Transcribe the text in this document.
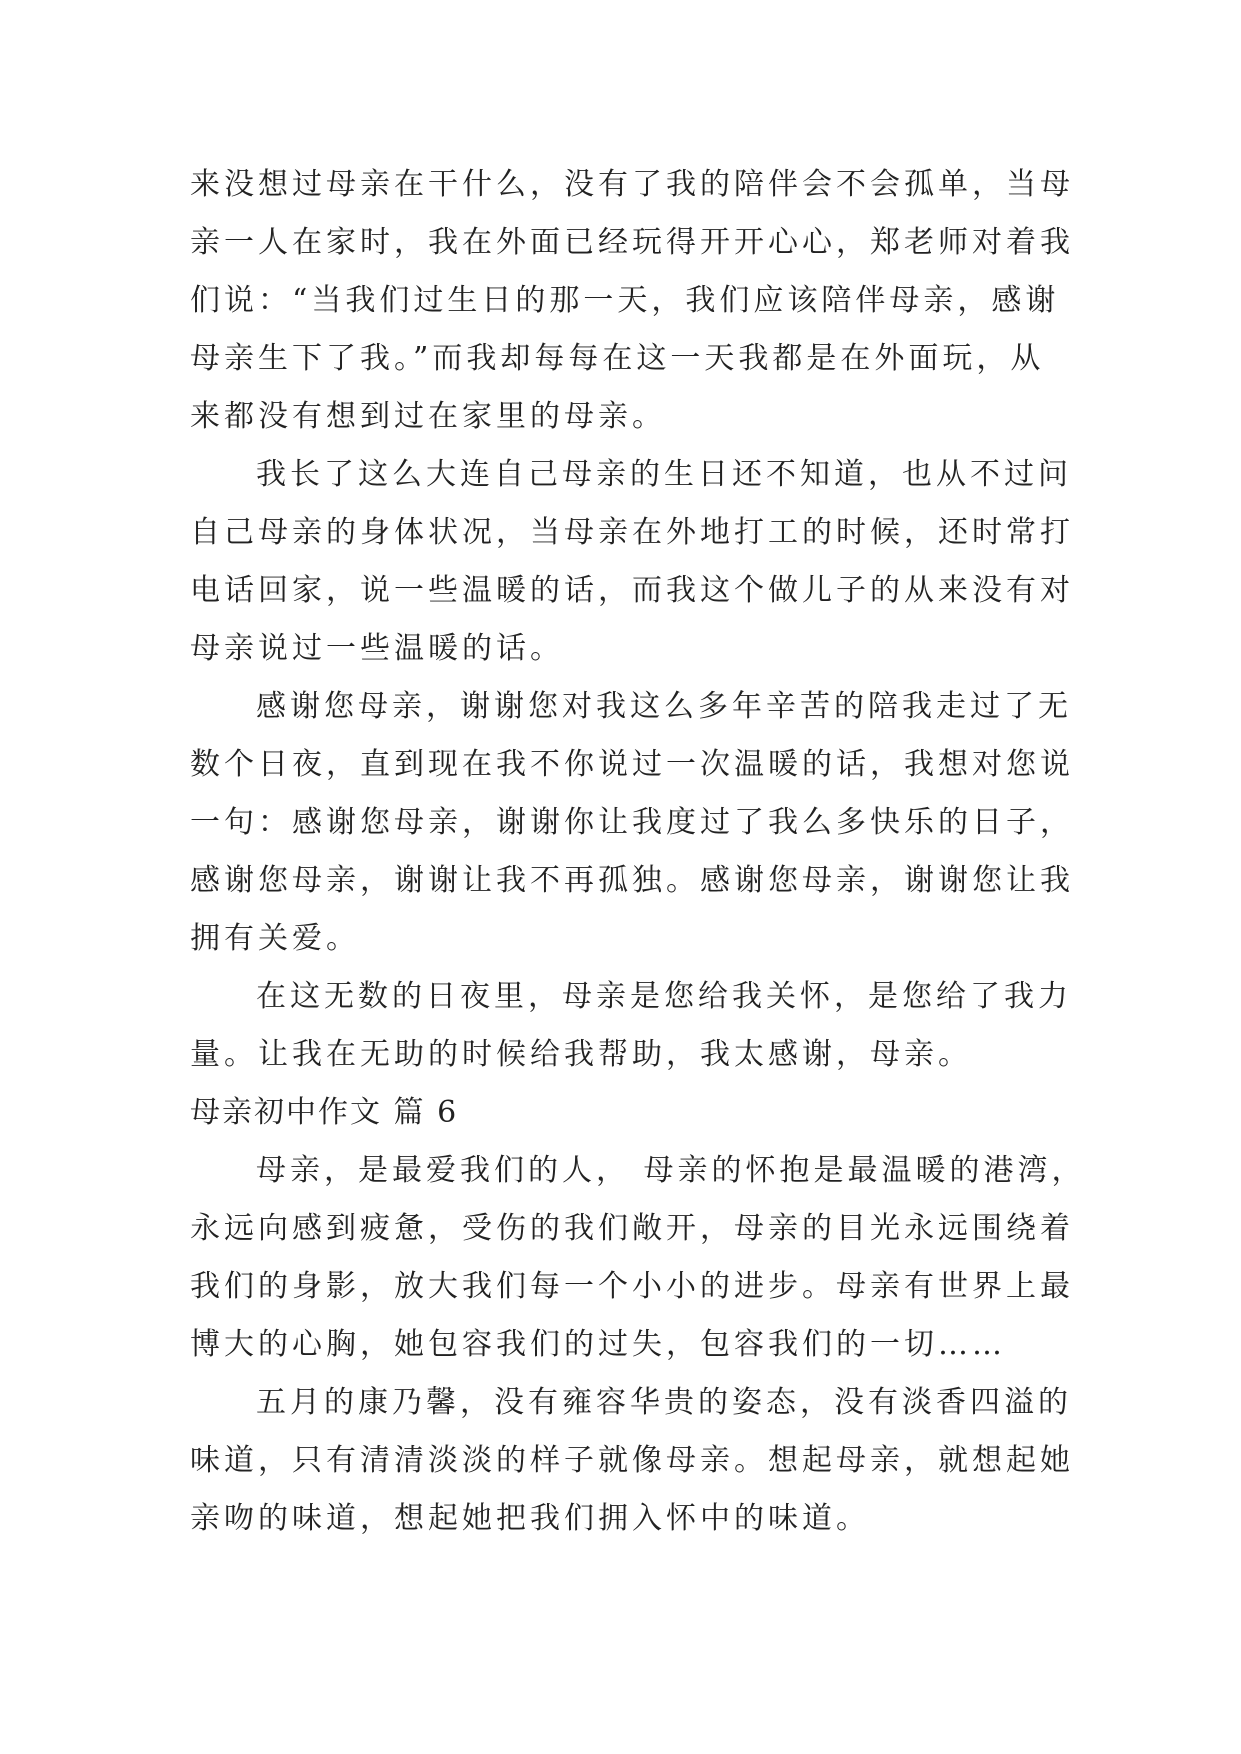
来没想过母亲在干什么，没有了我的陪伴会不会孤单，当母
亲一人在家时，我在外面已经玩得开开心心，郑老师对着我
们说：“当我们过生日的那一天，我们应该陪伴母亲，感谢
母亲生下了我。”而我却每每在这一天我都是在外面玩，从
来都没有想到过在家里的母亲。
我长了这么大连自己母亲的生日还不知道，也从不过问
自己母亲的身体状况，当母亲在外地打工的时候，还时常打
电话回家，说一些温暖的话，而我这个做儿子的从来没有对
母亲说过一些温暖的话。
感谢您母亲，谢谢您对我这么多年辛苦的陪我走过了无
数个日夜，直到现在我不你说过一次温暖的话，我想对您说
一句：感谢您母亲，谢谢你让我度过了我么多快乐的日子，
感谢您母亲，谢谢让我不再孤独。感谢您母亲，谢谢您让我
拥有关爱。
在这无数的日夜里，母亲是您给我关怀，是您给了我力
量。让我在无助的时候给我帮助，我太感谢，母亲。
母亲初中作文 篇 6
母亲，是最爱我们的人， 母亲的怀抱是最温暖的港湾，
永远向感到疲惫，受伤的我们敞开，母亲的目光永远围绕着
我们的身影，放大我们每一个小小的进步。母亲有世界上最
博大的心胸，她包容我们的过失，包容我们的一切……
五月的康乃馨，没有雍容华贵的姿态，没有淡香四溢的
味道，只有清清淡淡的样子就像母亲。想起母亲，就想起她
亲吻的味道，想起她把我们拥入怀中的味道。
